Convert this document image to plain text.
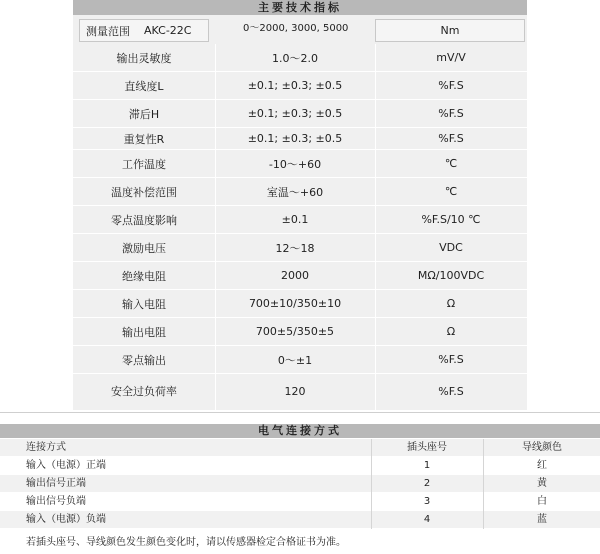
主要技术指标
测量范围 AKC-22C	0～2000, 3000, 5000	Nm
输出灵敏度	1.0～2.0	mV/V
直线度L	±0.1; ±0.3; ±0.5	%F.S
滞后H	±0.1; ±0.3; ±0.5	%F.S
重复性R	±0.1; ±0.3; ±0.5	%F.S
工作温度	-10～+60	℃
温度补偿范围	室温～+60	℃
零点温度影响	±0.1	%F.S/10 ℃
激励电压	12～18	VDC
绝缘电阻	2000	MΩ/100VDC
输入电阻	700±10/350±10	Ω
输出电阻	700±5/350±5	Ω
零点输出	0～±1	%F.S
安全过负荷率	120	%F.S
电气连接方式
连接方式	插头座号	导线颜色
输入（电源）正端	1	红
输出信号正端	2	黄
输出信号负端	3	白
输入（电源）负端	4	蓝
若插头座号、导线颜色发生颜色变化时，请以传感器检定合格证书为准。
